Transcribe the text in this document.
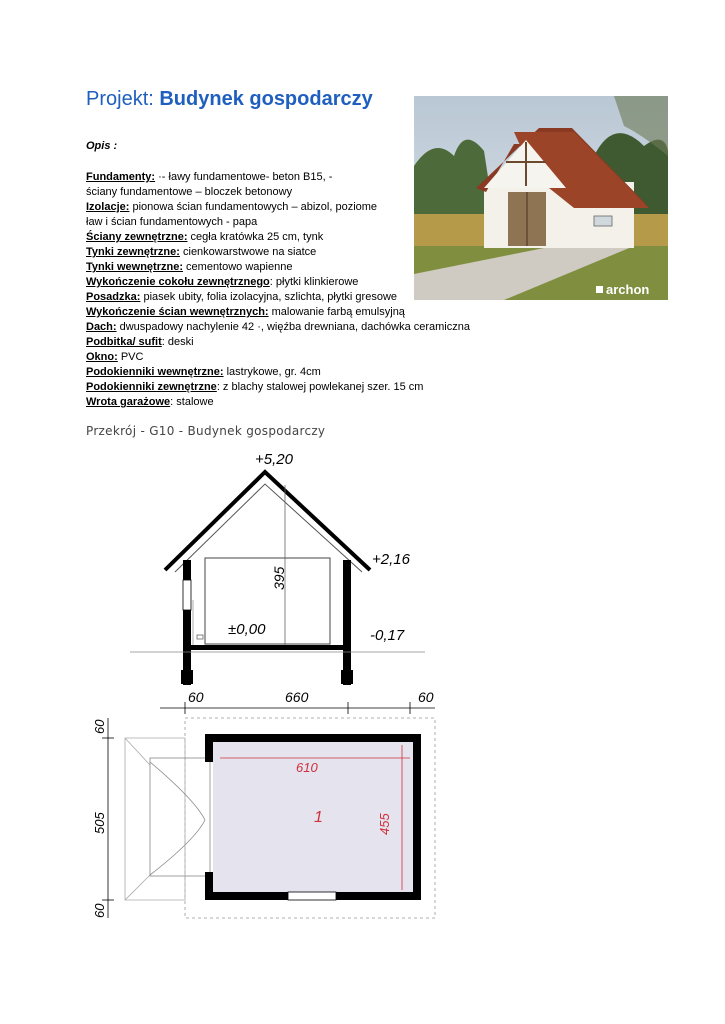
Projekt: Budynek gospodarczy
Opis :
Fundamenty: ·- ławy fundamentowe- beton B15, -
ściany fundamentowe – bloczek betonowy
Izolacje: pionowa ścian fundamentowych – abizol, poziome
ław i ścian fundamentowych - papa
Ściany zewnętrzne: cegła kratówka 25 cm, tynk
Tynki zewnętrzne: cienkowarstwowe na siatce
Tynki wewnętrzne: cementowo wapienne
Wykończenie cokołu zewnętrznego: płytki klinkierowe
Posadzka: piasek ubity, folia izolacyjna, szlichta, płytki gresowe
Wykończenie ścian wewnętrznych: malowanie farbą emulsyjną
Dach: dwuspadowy nachylenie 42 ·, więźba drewniana, dachówka ceramiczna
Podbitka/ sufit: deski
Okno: PVC
Podokienniki wewnętrzne: lastrykowe, gr. 4cm
Podokienniki zewnętrzne: z blachy stalowej powlekanej szer. 15 cm
Wrota garażowe: stalowe
archon
Przekrój - G10 - Budynek gospodarczy
+5,20
+2,16
±0,00	-0,17
395
60	660	60
610
455
1
60
505
60
